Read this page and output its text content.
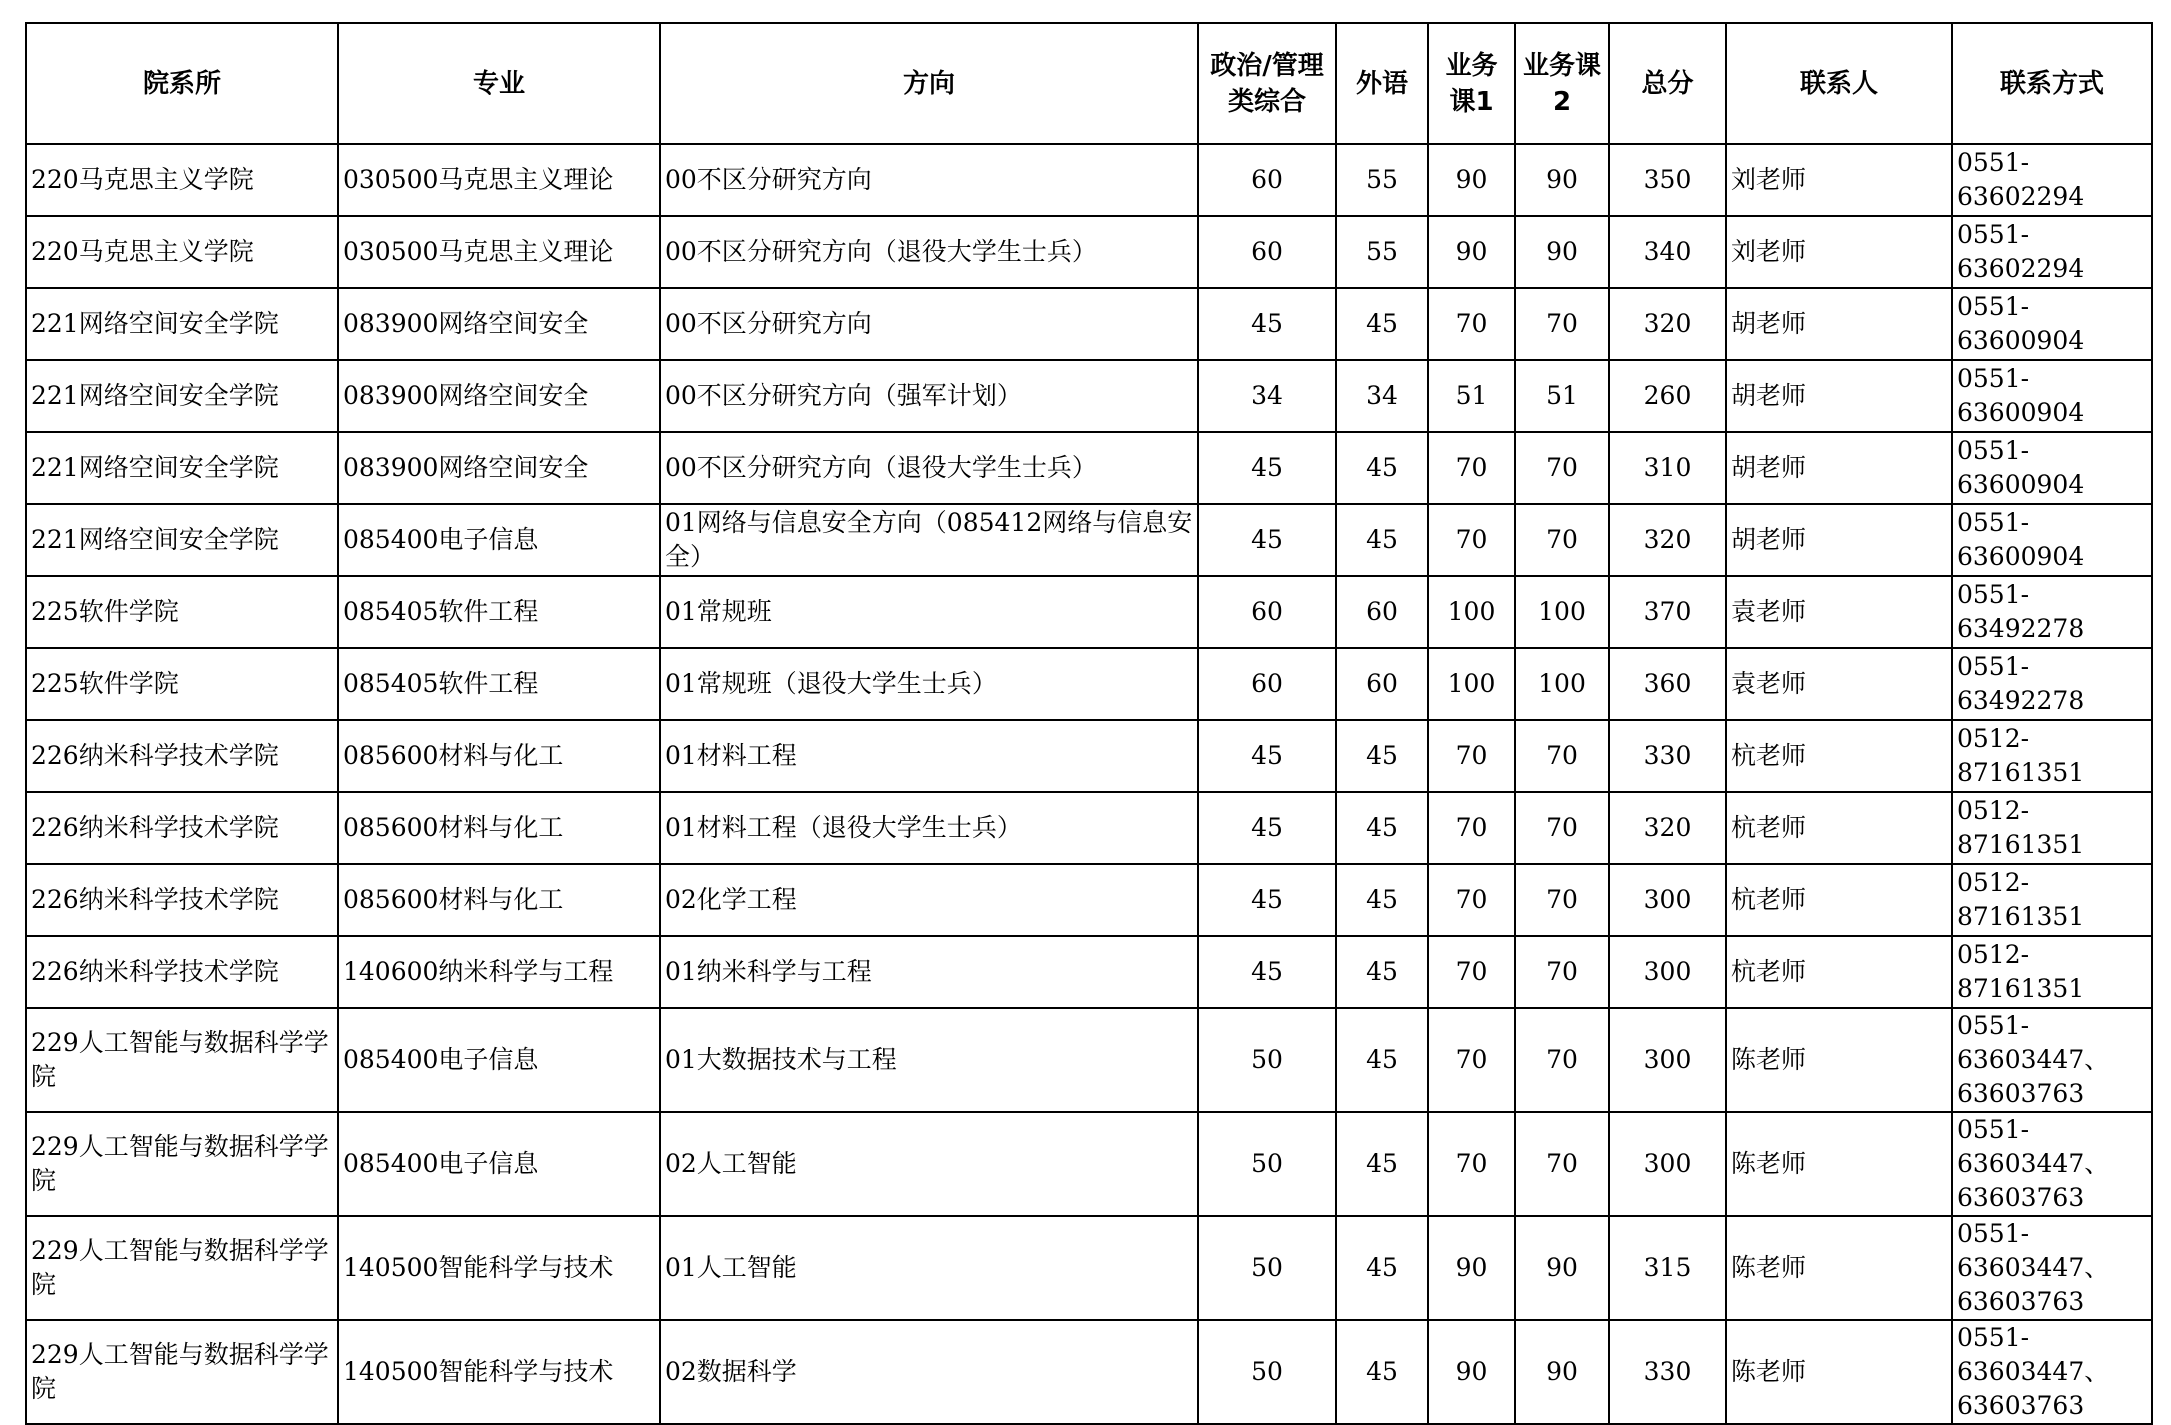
院系所	专业	方向	政治/管理类综合	外语	业务课1	业务课2	总分	联系人	联系方式
220马克思主义学院	030500马克思主义理论	00不区分研究方向	60	55	90	90	350	刘老师	0551-63602294
220马克思主义学院	030500马克思主义理论	00不区分研究方向（退役大学生士兵）	60	55	90	90	340	刘老师	0551-63602294
221网络空间安全学院	083900网络空间安全	00不区分研究方向	45	45	70	70	320	胡老师	0551-63600904
221网络空间安全学院	083900网络空间安全	00不区分研究方向（强军计划）	34	34	51	51	260	胡老师	0551-63600904
221网络空间安全学院	083900网络空间安全	00不区分研究方向（退役大学生士兵）	45	45	70	70	310	胡老师	0551-63600904
221网络空间安全学院	085400电子信息	01网络与信息安全方向（085412网络与信息安全）	45	45	70	70	320	胡老师	0551-63600904
225软件学院	085405软件工程	01常规班	60	60	100	100	370	袁老师	0551-63492278
225软件学院	085405软件工程	01常规班（退役大学生士兵）	60	60	100	100	360	袁老师	0551-63492278
226纳米科学技术学院	085600材料与化工	01材料工程	45	45	70	70	330	杭老师	0512-87161351
226纳米科学技术学院	085600材料与化工	01材料工程（退役大学生士兵）	45	45	70	70	320	杭老师	0512-87161351
226纳米科学技术学院	085600材料与化工	02化学工程	45	45	70	70	300	杭老师	0512-87161351
226纳米科学技术学院	140600纳米科学与工程	01纳米科学与工程	45	45	70	70	300	杭老师	0512-87161351
229人工智能与数据科学学院	085400电子信息	01大数据技术与工程	50	45	70	70	300	陈老师	0551-63603447、63603763
229人工智能与数据科学学院	085400电子信息	02人工智能	50	45	70	70	300	陈老师	0551-63603447、63603763
229人工智能与数据科学学院	140500智能科学与技术	01人工智能	50	45	90	90	315	陈老师	0551-63603447、63603763
229人工智能与数据科学学院	140500智能科学与技术	02数据科学	50	45	90	90	330	陈老师	0551-63603447、63603763
